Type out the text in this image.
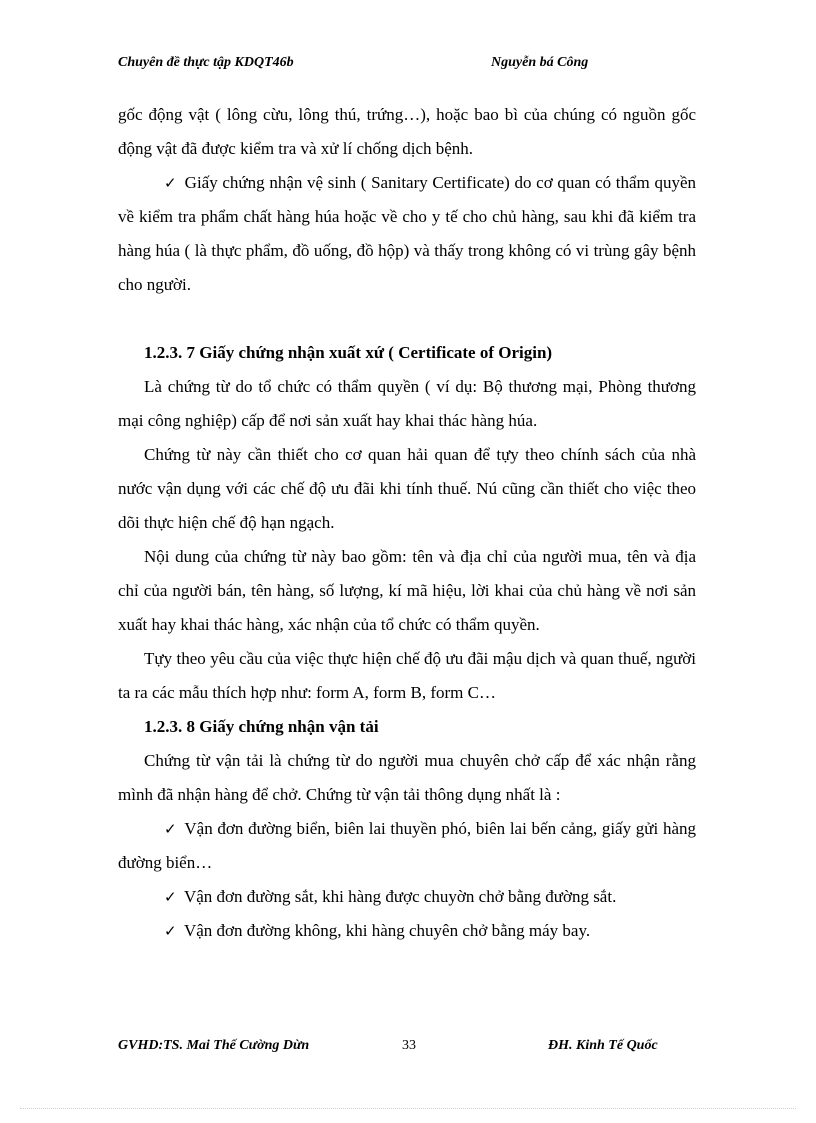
Chuyên đề thực tập KDQT46b	Nguyễn bá Công

gốc động vật ( lông cừu, lông thú, trứng…), hoặc bao bì của chúng có nguồn gốc động vật đã được kiểm tra và xử lí chống dịch bệnh.

✓ Giấy chứng nhận vệ sinh ( Sanitary Certificate) do cơ quan có thẩm quyền về kiểm tra phẩm chất hàng húa hoặc về cho y tế cho chủ hàng, sau khi đã kiểm tra hàng húa ( là thực phẩm, đồ uống, đồ hộp) và thấy trong không có vi trùng gây bệnh cho người.

1.2.3. 7 Giấy chứng nhận xuất xứ ( Certificate of Origin)

Là chứng từ do tổ chức có thẩm quyền ( ví dụ: Bộ thương mại, Phòng thương mại công nghiệp) cấp để nơi sản xuất hay khai thác hàng húa.

Chứng từ này cần thiết cho cơ quan hải quan để tựy theo chính sách của nhà nước vận dụng với các chế độ ưu đãi khi tính thuế. Nú cũng cần thiết cho việc theo dõi thực hiện chế độ hạn ngạch.

Nội dung của chứng từ này bao gồm: tên và địa chỉ của người mua, tên và địa chỉ của người bán, tên hàng, số lượng, kí mã hiệu, lời khai của chủ hàng về nơi sản xuất hay khai thác hàng, xác nhận của tổ chức có thẩm quyền.

Tựy theo yêu cầu của việc thực hiện chế độ ưu đãi mậu dịch và quan thuế, người ta ra các mẫu thích hợp như: form A, form B, form C…

1.2.3. 8 Giấy chứng nhận vận tải

Chứng từ vận tải là chứng từ do người mua chuyên chở cấp để xác nhận rằng mình đã nhận hàng để chở. Chứng từ vận tải thông dụng nhất là :

✓ Vận đơn đường biển, biên lai thuyền phó, biên lai bến cảng, giấy gửi hàng đường biển…

✓ Vận đơn đường sắt, khi hàng được chuyờn chở bằng đường sắt.

✓ Vận đơn đường không, khi hàng chuyên chở bằng máy bay.

GVHD:TS. Mai Thế Cường Dừn	33	ĐH. Kinh Tế Quốc
